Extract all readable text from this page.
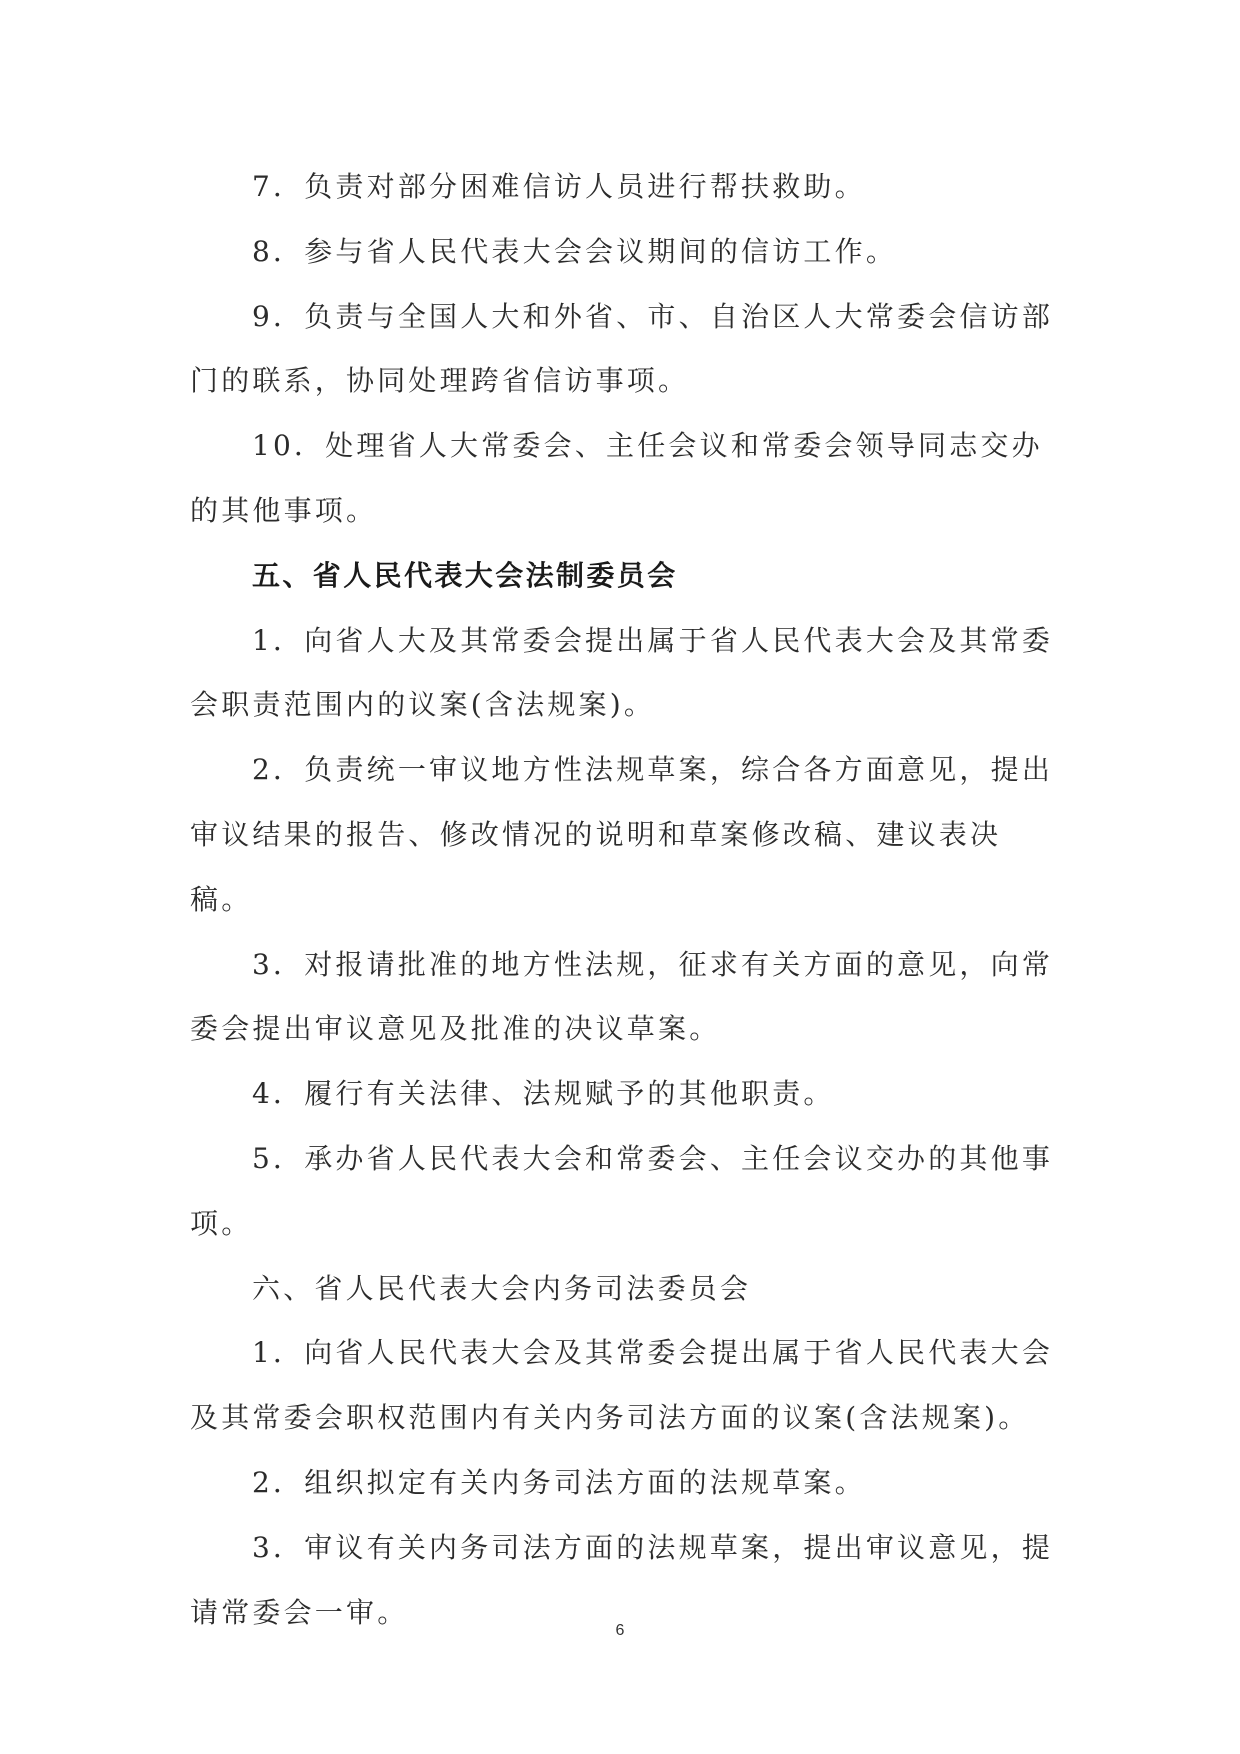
7．负责对部分困难信访人员进行帮扶救助。

8．参与省人民代表大会会议期间的信访工作。

9．负责与全国人大和外省、市、自治区人大常委会信访部门的联系，协同处理跨省信访事项。

10．处理省人大常委会、主任会议和常委会领导同志交办的其他事项。

五、省人民代表大会法制委员会

1．向省人大及其常委会提出属于省人民代表大会及其常委会职责范围内的议案(含法规案)。

2．负责统一审议地方性法规草案，综合各方面意见，提出审议结果的报告、修改情况的说明和草案修改稿、建议表决稿。

3．对报请批准的地方性法规，征求有关方面的意见，向常委会提出审议意见及批准的决议草案。

4．履行有关法律、法规赋予的其他职责。

5．承办省人民代表大会和常委会、主任会议交办的其他事项。

六、省人民代表大会内务司法委员会

1．向省人民代表大会及其常委会提出属于省人民代表大会及其常委会职权范围内有关内务司法方面的议案(含法规案)。

2．组织拟定有关内务司法方面的法规草案。

3．审议有关内务司法方面的法规草案，提出审议意见，提请常委会一审。

6
